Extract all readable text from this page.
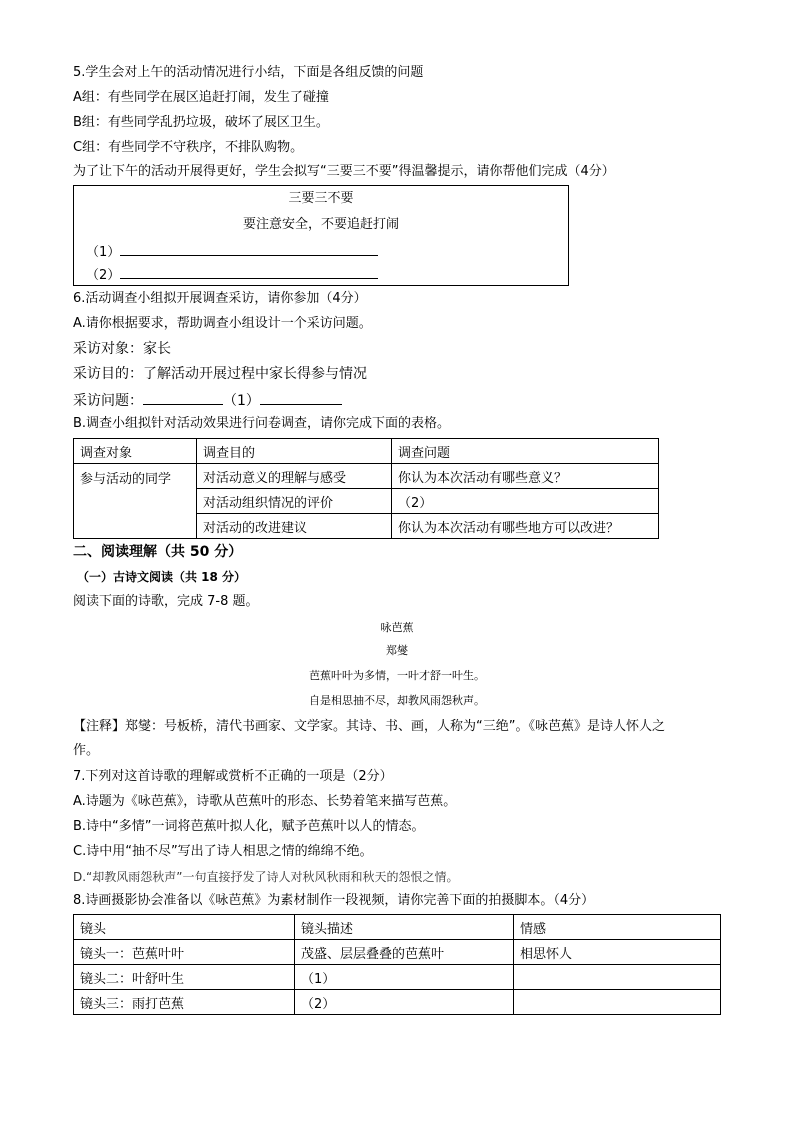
5.学生会对上午的活动情况进行小结，下面是各组反馈的问题
A组：有些同学在展区追赶打闹，发生了碰撞
B组：有些同学乱扔垃圾，破坏了展区卫生。
C组：有些同学不守秩序，不排队购物。
为了让下午的活动开展得更好，学生会拟写“三要三不要”得温馨提示，请你帮他们完成（4分）
三要三不要
要注意安全，不要追赶打闹
（1）
（2）
6.活动调查小组拟开展调查采访，请你参加（4分）
A.请你根据要求，帮助调查小组设计一个采访问题。
采访对象：家长
采访目的：了解活动开展过程中家长得参与情况
采访问题：	（1）
B.调查小组拟针对活动效果进行问卷调查，请你完成下面的表格。
调查对象	调查目的	调查问题
参与活动的同学	对活动意义的理解与感受	你认为本次活动有哪些意义？
	对活动组织情况的评价	（2）
	对活动的改进建议	你认为本次活动有哪些地方可以改进？
二、阅读理解（共 50 分）
（一）古诗文阅读（共 18 分）
阅读下面的诗歌，完成 7-8 题。
咏芭蕉
郑燮
芭蕉叶叶为多情，一叶才舒一叶生。
自是相思抽不尽，却教风雨怨秋声。
【注释】郑燮：号板桥，清代书画家、文学家。其诗、书、画，人称为“三绝”。《咏芭蕉》是诗人怀人之
作。
7.下列对这首诗歌的理解或赏析不正确的一项是（2分）
A.诗题为《咏芭蕉》，诗歌从芭蕉叶的形态、长势着笔来描写芭蕉。
B.诗中“多情”一词将芭蕉叶拟人化，赋予芭蕉叶以人的情态。
C.诗中用“抽不尽”写出了诗人相思之情的绵绵不绝。
D.“却教风雨怨秋声”一句直接抒发了诗人对秋风秋雨和秋天的怨恨之情。
8.诗画摄影协会准备以《咏芭蕉》为素材制作一段视频，请你完善下面的拍摄脚本。（4分）
镜头	镜头描述	情感
镜头一：芭蕉叶叶	茂盛、层层叠叠的芭蕉叶	相思怀人
镜头二：叶舒叶生	（1）	
镜头三：雨打芭蕉	（2）	
